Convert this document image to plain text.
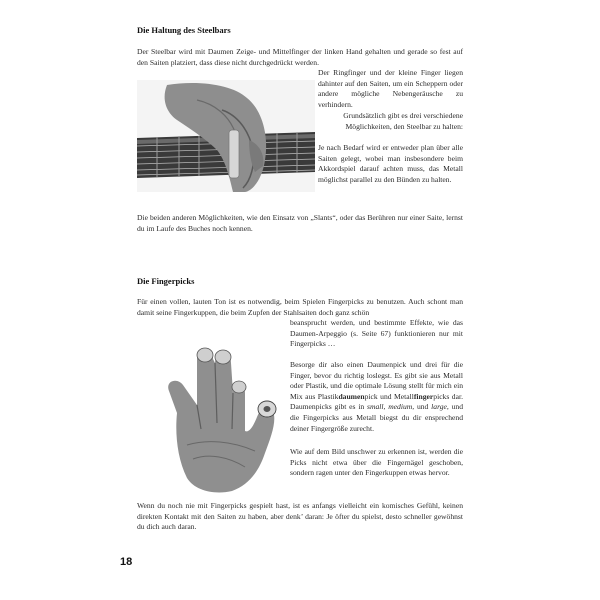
Die Haltung des Steelbars

Der Steelbar wird mit Daumen Zeige- und Mittelfinger der linken Hand gehalten und gerade so fest auf den Saiten platziert, dass diese nicht durchgedrückt werden.

Der Ringfinger und der kleine Finger liegen dahinter auf den Saiten, um ein Scheppern oder andere mögliche Nebengeräusche zu verhindern.

Grundsätzlich gibt es drei verschiedene Möglichkeiten, den Steelbar zu halten:

Je nach Bedarf wird er entweder plan über alle Saiten gelegt, wobei man insbesondere beim Akkordspiel darauf achten muss, das Metall möglichst parallel zu den Bünden zu halten.

Die beiden anderen Möglichkeiten, wie den Einsatz von „Slants“, oder das Berühren nur einer Saite, lernst du im Laufe des Buches noch kennen.

Die Fingerpicks

Für einen vollen, lauten Ton ist es notwendig, beim Spielen Fingerpicks zu benutzen. Auch schont man damit seine Fingerkuppen, die beim Zupfen der Stahlsaiten doch ganz schön

beansprucht werden, und bestimmte Effekte, wie das Daumen-Arpeggio (s. Seite 67) funktionieren nur mit Fingerpicks …

Besorge dir also einen Daumenpick und drei für die Finger, bevor du richtig loslegst. Es gibt sie aus Metall oder Plastik, und die optimale Lösung stellt für mich ein Mix aus Plastikdaumenpick und Metallfingerpicks dar. Daumenpicks gibt es in small, medium, und large, und die Fingerpicks aus Metall biegst du dir ensprechend deiner Fingergröße zurecht.

Wie auf dem Bild unschwer zu erkennen ist, werden die Picks nicht etwa über die Fingernägel geschoben, sondern ragen unter den Fingerkuppen etwas hervor.

Wenn du noch nie mit Fingerpicks gespielt hast, ist es anfangs vielleicht ein komisches Gefühl, keinen direkten Kontakt mit den Saiten zu haben, aber denk’ daran: Je öfter du spielst, desto schneller gewöhnst du dich auch daran.

18
